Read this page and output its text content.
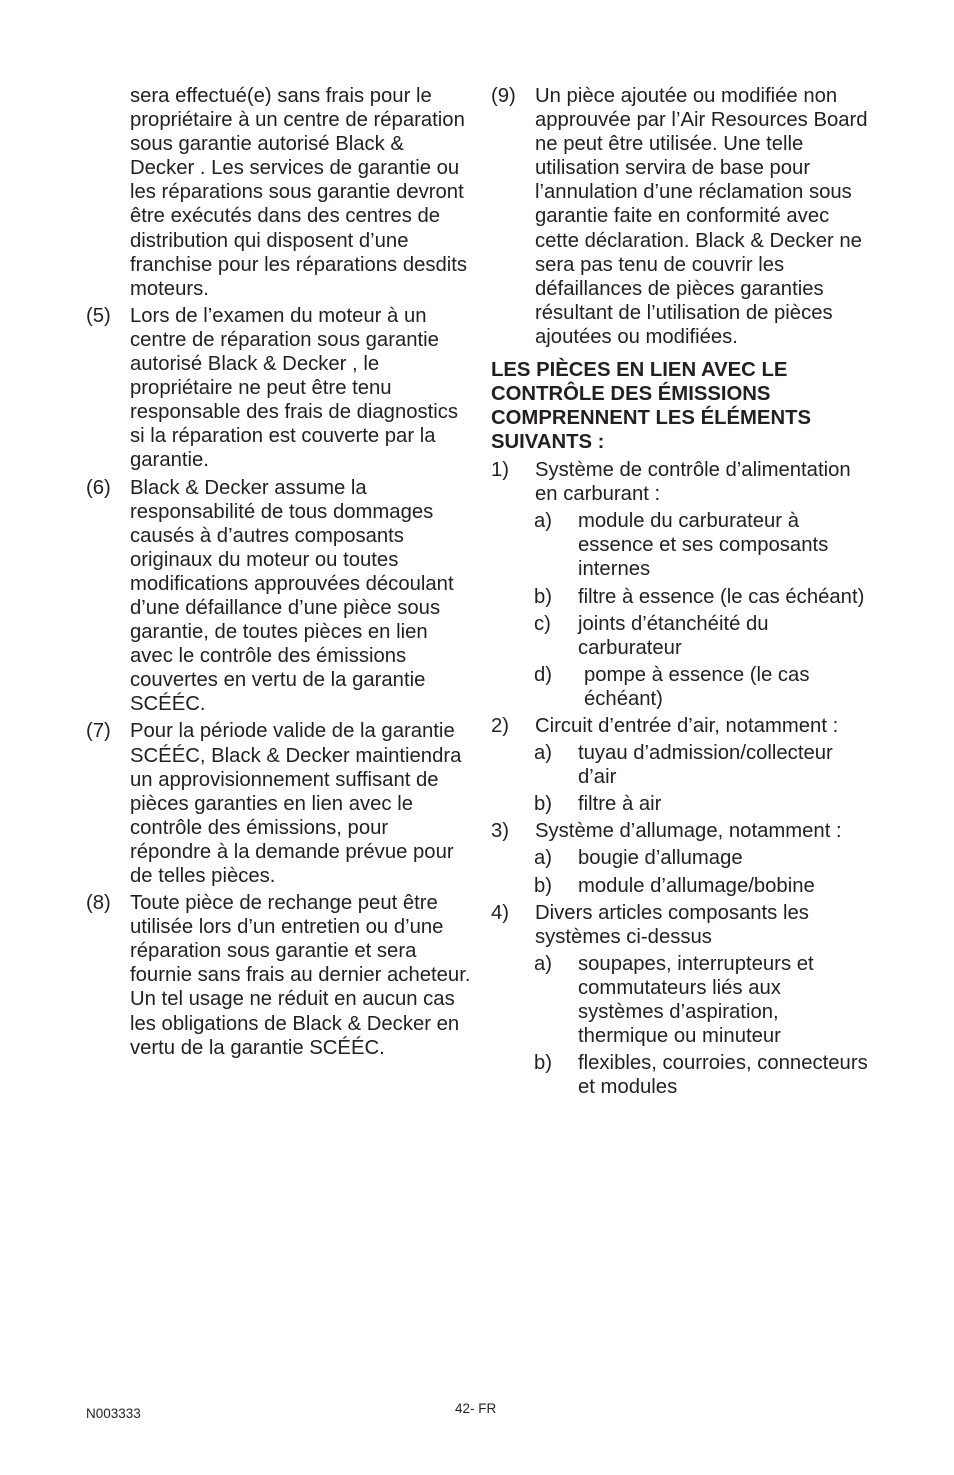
sera effectué(e) sans frais pour le propriétaire à un centre de réparation sous garantie autorisé Black & Decker . Les services de garantie ou les réparations sous garantie devront être exécutés dans des centres de distribution qui disposent d’une franchise pour les réparations desdits moteurs.
(5) Lors de l’examen du moteur à un centre de réparation sous garantie autorisé Black & Decker , le propriétaire ne peut être tenu responsable des frais de diagnostics si la réparation est couverte par la garantie.
(6) Black & Decker assume la responsabilité de tous dommages causés à d’autres composants originaux du moteur ou toutes modifications approuvées découlant d’une défaillance d’une pièce sous garantie, de toutes pièces en lien avec le contrôle des émissions couvertes en vertu de la garantie SCÉÉC.
(7) Pour la période valide de la garantie SCÉÉC, Black & Decker maintiendra un approvisionnement suffisant de pièces garanties en lien avec le contrôle des émissions, pour répondre à la demande prévue pour de telles pièces.
(8) Toute pièce de rechange peut être utilisée lors d’un entretien ou d’une réparation sous garantie et sera fournie sans frais au dernier acheteur. Un tel usage ne réduit en aucun cas les obligations de Black & Decker en vertu de la garantie SCÉÉC.
(9) Un pièce ajoutée ou modifiée non approuvée par l’Air Resources Board ne peut être utilisée. Une telle utilisation servira de base pour l’annulation d’une réclamation sous garantie faite en conformité avec cette déclaration. Black & Decker ne sera pas tenu de couvrir les défaillances de pièces garanties résultant de l’utilisation de pièces ajoutées ou modifiées.
LES PIÈCES EN LIEN AVEC LE CONTRÔLE DES ÉMISSIONS COMPRENNENT LES ÉLÉMENTS SUIVANTS :
1) Système de contrôle d’alimentation en carburant :
a) module du carburateur à essence et ses composants internes
b) filtre à essence (le cas échéant)
c) joints d’étanchéité du carburateur
d) pompe à essence (le cas échéant)
2) Circuit d’entrée d’air, notamment :
a) tuyau d’admission/collecteur d’air
b) filtre à air
3) Système d’allumage, notamment :
a) bougie d’allumage
b) module d’allumage/bobine
4) Divers articles composants les systèmes ci-dessus
a) soupapes, interrupteurs et commutateurs liés aux systèmes d’aspiration, thermique ou minuteur
b) flexibles, courroies, connecteurs et modules
N003333	42- FR
